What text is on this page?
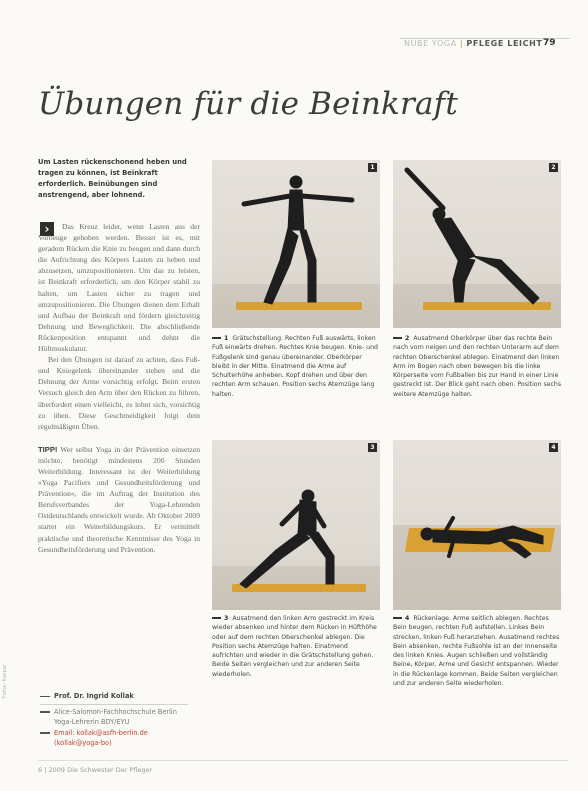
NUBE YOGA | PFLEGE LEICHT 79
Übungen für die Beinkraft
Um Lasten rückenschonend heben und tragen zu können, ist Beinkraft erforderlich. Beinübungen sind anstrengend, aber lohnend.
›	Das Kreuz leidet, wenn Lasten aus der Vorbeuge gehoben werden. Besser ist es, mit geradem Rücken die Knie zu beugen und dann durch die Aufrichtung des Körpers Lasten zu heben und abzusetzen, umzupositionieren. Um das zu leisten, ist Beinkraft erforderlich, um den Körper stabil zu halten, um Lasten sicher zu tragen und umzupositionieren. Die Übungen dienen dem Erhalt und Aufbau der Beinkraft und fördern gleichzeitig Dehnung und Beweglichkeit. Die abschließende Rückenposition entspannt und dehnt die Hüftmuskulatur.

Bei den Übungen ist darauf zu achten, dass Fuß- und Kniegelenk übereinander stehen und die Dehnung der Arme vorsichtig erfolgt. Beim ersten Versuch gleich den Arm über den Rücken zu führen, überfordert einen vielleicht, es lohnt sich, vorsichtig zu üben. Diese Geschmeidigkeit folgt dem regelmäßigen Üben.

TIPP! Wer selbst Yoga in der Prävention einsetzen möchte, benötigt mindestens 200 Stunden Weiterbildung. Interessant ist der Weiterbildung »Yoga Pacifiers und Gesundheitsförderung und Prävention«, die im Auftrag der Institution des Berufsverbandes der Yoga-Lehrenden Ostdeutschlands entwickelt wurde. Ab Oktober 2009 startet ein Weiterbildungskurs. Er vermittelt praktische und theoretische Kenntnisse des Yoga in Gesundheitsförderung und Prävention.

Prof. Dr. Ingrid Kollak
Alice-Salomon-Fachhochschule Berlin
Yoga-Lehrerin BDY/EYU
Email: kollak@asfh-berlin.de
(kollak@yoga-bo)
Fotos: Kaspar
6 | 2009 Die Schwester Der Pfleger
1	2
3	4
1 Grätschstellung. Rechten Fuß auswärts, linken Fuß einwärts drehen. Rechtes Knie beugen. Knie- und Fußgelenk sind genau übereinander. Oberkörper bleibt in der Mitte. Einatmend die Arme auf Schulterhöhe anheben. Kopf drehen und über den rechten Arm schauen. Position sechs Atemzüge lang halten.
2 Ausatmend Oberkörper über das rechte Bein nach vorn neigen und den rechten Unterarm auf dem rechten Oberschenkel ablegen. Einatmend den linken Arm im Bogen nach oben bewegen bis die linke Körperseite vom Fußballen bis zur Hand in einer Linie gestreckt ist. Der Blick geht nach oben. Position sechs weitere Atemzüge halten.
3 Ausatmend den linken Arm gestreckt im Kreis wieder absenken und hinter dem Rücken in Hüfthöhe oder auf dem rechten Oberschenkel ablegen. Die Position sechs Atemzüge halten. Einatmend aufrichten und wieder in die Grätschstellung gehen. Beide Seiten vergleichen und zur anderen Seite wiederholen.
4 Rückenlage. Arme seitlich ablegen. Rechtes Bein beugen, rechten Fuß aufstellen. Linkes Bein strecken, linken Fuß heranziehen. Ausatmend rechtes Bein absenken, rechte Fußsohle ist an der Innenseite des linken Knies. Augen schließen und vollständig Beine, Körper, Arme und Gesicht entspannen. Wieder in die Rückenlage kommen. Beide Seiten vergleichen und zur anderen Seite wiederholen.
